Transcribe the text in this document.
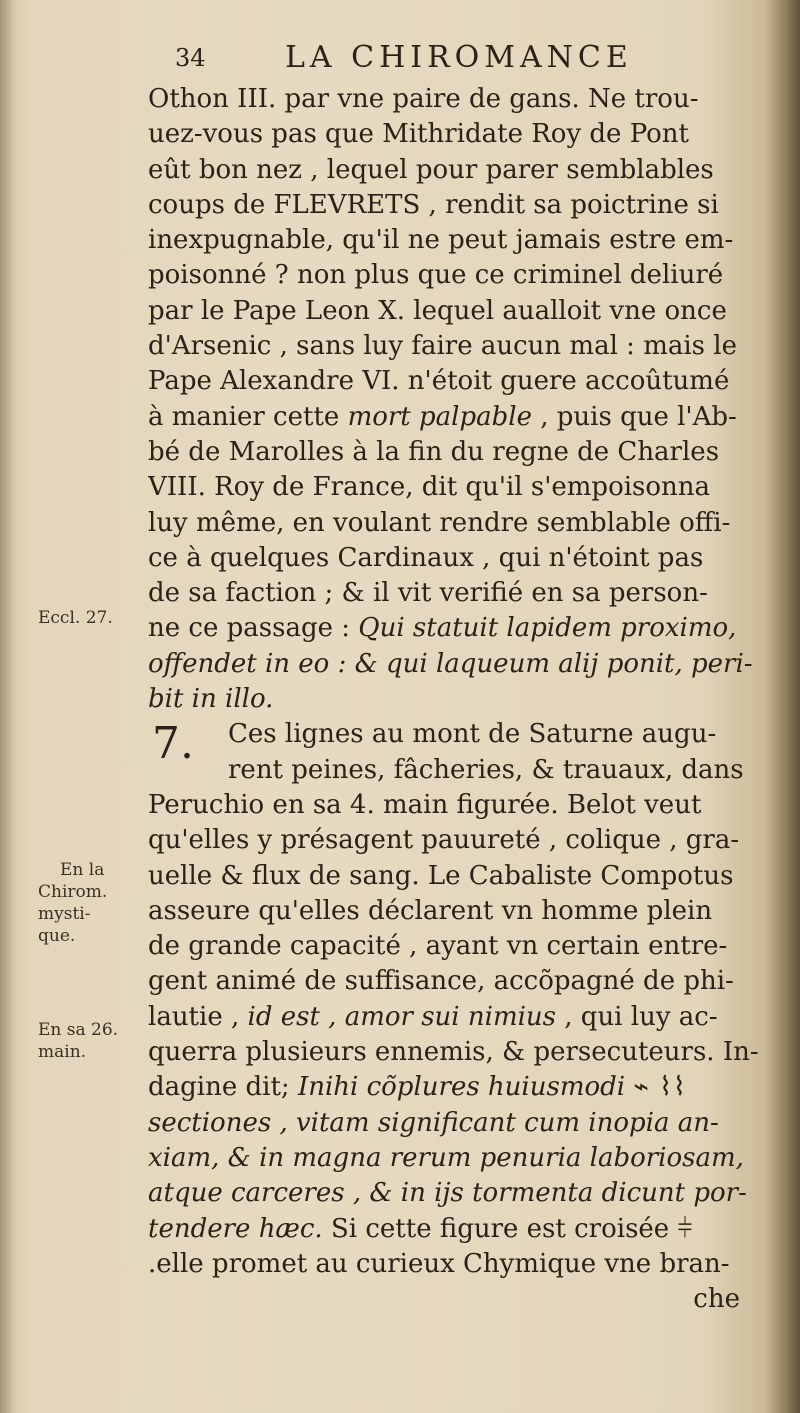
34	LA CHIROMANCE
Eccl. 27.
En la
Chirom.
mysti-
que.
En sa 26.
main.
7.
Othon III. par vne paire de gans. Ne trou-
uez-vous pas que Mithridate Roy de Pont
eût bon nez , lequel pour parer semblables
coups de FLEVRETS , rendit sa poictrine si
inexpugnable, qu'il ne peut jamais estre em-
poisonné ? non plus que ce criminel deliuré
par le Pape Leon X. lequel aualloit vne once
d'Arsenic , sans luy faire aucun mal : mais le
Pape Alexandre VI. n'étoit guere accoûtumé
à manier cette mort palpable , puis que l'Ab-
bé de Marolles à la fin du regne de Charles
VIII. Roy de France, dit qu'il s'empoisonna
luy même, en voulant rendre semblable offi-
ce à quelques Cardinaux , qui n'étoint pas
de sa faction ; & il vit verifié en sa person-
ne ce passage : Qui statuit lapidem proximo,
offendet in eo : & qui laqueum alij ponit, peri-
bit in illo.
Ces lignes au mont de Saturne augu-
rent peines, fâcheries, & trauaux, dans
Peruchio en sa 4. main figurée. Belot veut
qu'elles y présagent pauureté , colique , gra-
uelle & flux de sang. Le Cabaliste Compotus
asseure qu'elles déclarent vn homme plein
de grande capacité , ayant vn certain entre-
gent animé de suffisance, accõpagné de phi-
lautie , id est , amor sui nimius , qui luy ac-
querra plusieurs ennemis, & persecuteurs. In-
dagine dit; Inihi cõplures huiusmodi ⌁ ⌇⌇
sectiones , vitam significant cum inopia an-
xiam, & in magna rerum penuria laboriosam,
atque carceres , & in ijs tormenta dicunt por-
tendere hæc. Si cette figure est croisée ⫩
.elle promet au curieux Chymique vne bran-
che
